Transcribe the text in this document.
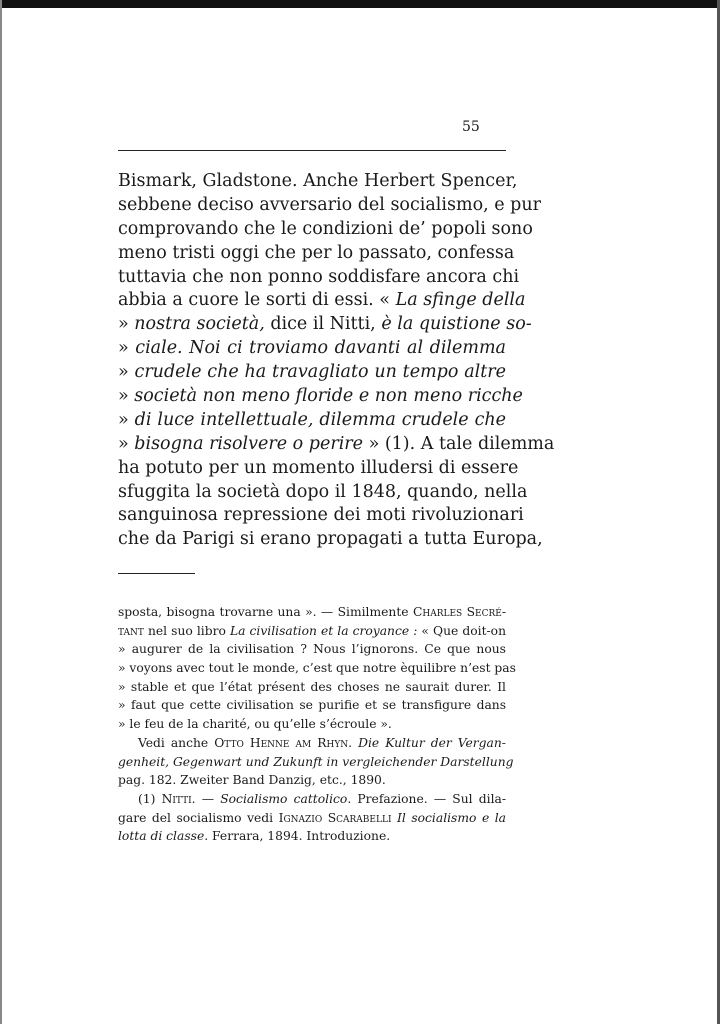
55
Bismark, Gladstone. Anche Herbert Spencer,
sebbene deciso avversario del socialismo, e pur
comprovando che le condizioni de’ popoli sono
meno tristi oggi che per lo passato, confessa
tuttavia che non ponno soddisfare ancora chi
abbia a cuore le sorti di essi. « La sfinge della
» nostra società, dice il Nitti, è la quistione so-
» ciale. Noi ci troviamo davanti al dilemma
» crudele che ha travagliato un tempo altre
» società non meno floride e non meno ricche
» di luce intellettuale, dilemma crudele che
» bisogna risolvere o perire » (1). A tale dilemma
ha potuto per un momento illudersi di essere
sfuggita la società dopo il 1848, quando, nella
sanguinosa repressione dei moti rivoluzionari
che da Parigi si erano propagati a tutta Europa,
sposta, bisogna trovarne una ». — Similmente Charles Secré-
tant nel suo libro La civilisation et la croyance : « Que doit-on
» augurer de la civilisation ? Nous l’ignorons. Ce que nous
» voyons avec tout le monde, c’est que notre èquilibre n’est pas
» stable et que l’état présent des choses ne saurait durer. Il
» faut que cette civilisation se purifie et se transfigure dans
» le feu de la charité, ou qu’elle s’écroule ».
Vedi anche Otto Henne am Rhyn. Die Kultur der Vergan-
genheit, Gegenwart und Zukunft in vergleichender Darstellung
pag. 182. Zweiter Band Danzig, etc., 1890.
(1) Nitti. — Socialismo cattolico. Prefazione. — Sul dila-
gare del socialismo vedi Ignazio Scarabelli Il socialismo e la
lotta di classe. Ferrara, 1894. Introduzione.
